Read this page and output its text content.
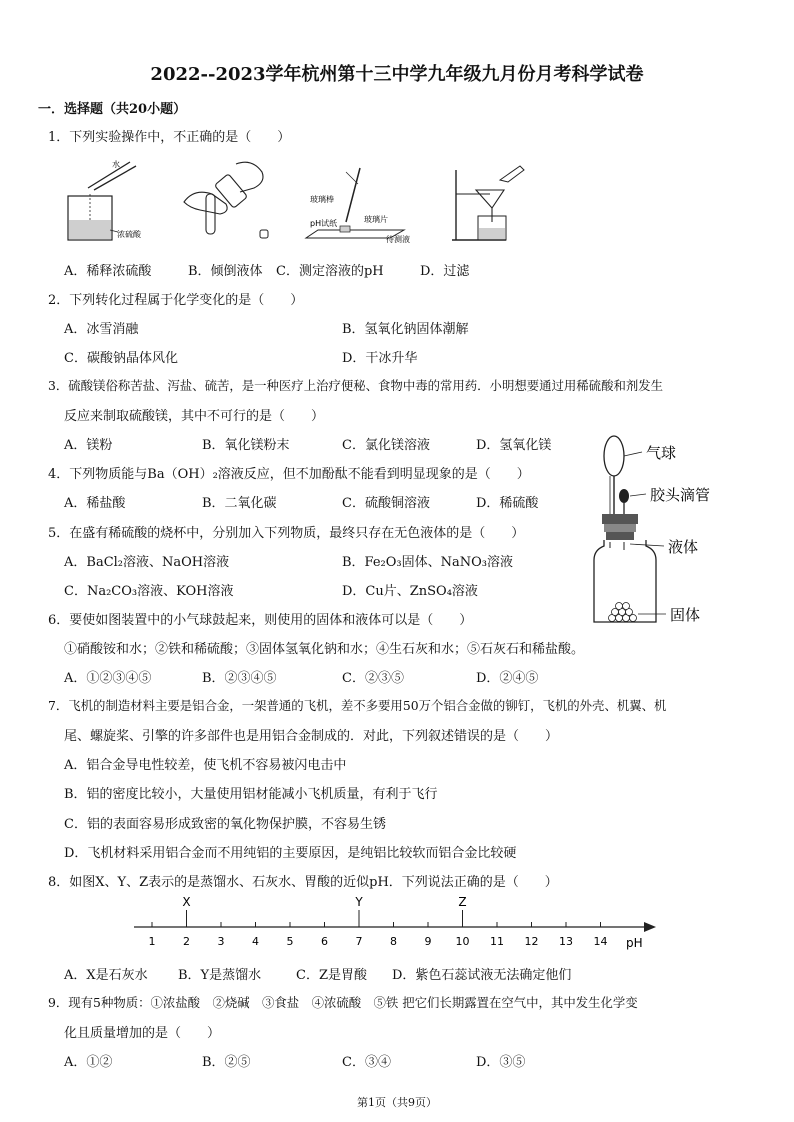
2022--2023学年杭州第十三中学九年级九月份月考科学试卷
一．选择题（共20小题）
1．下列实验操作中，不正确的是（　　）
水
浓硫酸
玻璃棒
pH试纸	玻璃片
待测液
A．稀释浓硫酸	B．倾倒液体 C．测定溶液的pH	D．过滤
2．下列转化过程属于化学变化的是（　　）
A．冰雪消融	B．氢氧化钠固体潮解
C．碳酸钠晶体风化	D．干冰升华
3．硫酸镁俗称苦盐、泻盐、硫苦，是一种医疗上治疗便秘、食物中毒的常用药．小明想要通过用稀硫酸和剂发生
反应来制取硫酸镁，其中不可行的是（　　）
A．镁粉	B．氧化镁粉末	C．氯化镁溶液	D．氢氧化镁
4．下列物质能与Ba（OH）₂溶液反应，但不加酚酞不能看到明显现象的是（　　）
A．稀盐酸	B．二氧化碳	C．硫酸铜溶液	D．稀硫酸
5．在盛有稀硫酸的烧杯中，分别加入下列物质，最终只存在无色液体的是（　　）
A．BaCl₂溶液、NaOH溶液	B．Fe₂O₃固体、NaNO₃溶液
C．Na₂CO₃溶液、KOH溶液	D．Cu片、ZnSO₄溶液
气球
胶头滴管
液体
固体
6．要使如图装置中的小气球鼓起来，则使用的固体和液体可以是（　　）
①硝酸铵和水；②铁和稀硫酸；③固体氢氧化钠和水；④生石灰和水；⑤石灰石和稀盐酸。
A．①②③④⑤	B．②③④⑤	C．②③⑤	D．②④⑤
7．飞机的制造材料主要是铝合金，一架普通的飞机，差不多要用50万个铝合金做的铆钉，飞机的外壳、机翼、机
尾、螺旋桨、引擎的许多部件也是用铝合金制成的．对此，下列叙述错误的是（　　）
A．铝合金导电性较差，使飞机不容易被闪电击中
B．铝的密度比较小，大量使用铝材能减小飞机质量，有利于飞行
C．铝的表面容易形成致密的氧化物保护膜，不容易生锈
D．飞机材料采用铝合金而不用纯铝的主要原因，是纯铝比较软而铝合金比较硬
8．如图X、Y、Z表示的是蒸馏水、石灰水、胃酸的近似pH．下列说法正确的是（　　）
1	2	3	4	5	6	7	8	9 10 11 12 13 14
X	Y	Z
pH
A．X是石灰水 B．Y是蒸馏水	C．Z是胃酸 D．紫色石蕊试液无法确定他们
9．现有5种物质：①浓盐酸　②烧碱　③食盐　④浓硫酸　⑤铁 把它们长期露置在空气中，其中发生化学变
化且质量增加的是（　　）
A．①②	B．②⑤	C．③④	D．③⑤
第1页（共9页）
